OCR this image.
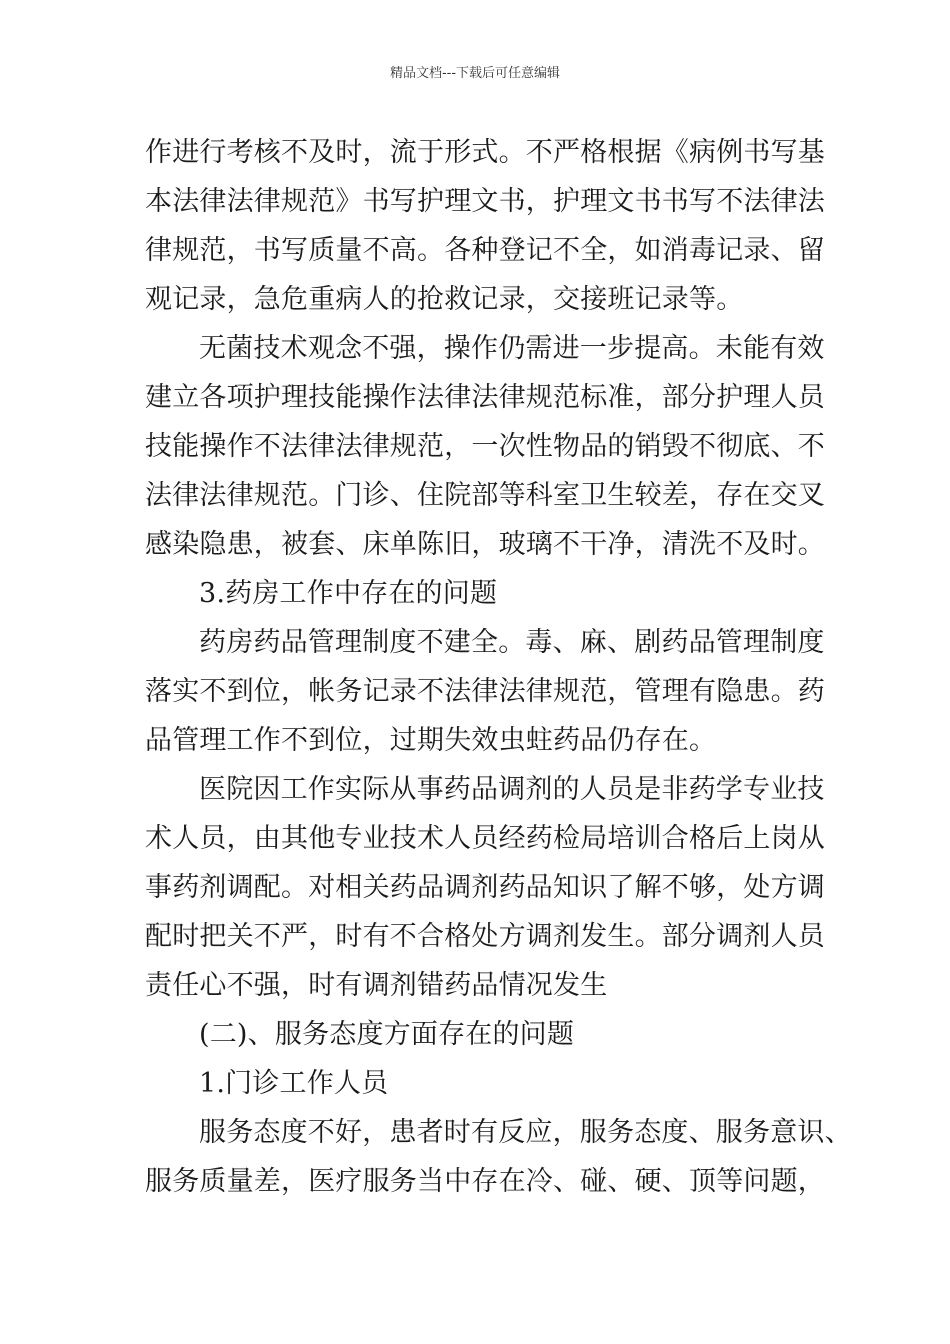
精品文档---下载后可任意编辑
作进行考核不及时，流于形式。不严格根据《病例书写基
本法律法律规范》书写护理文书，护理文书书写不法律法
律规范，书写质量不高。各种登记不全，如消毒记录、留
观记录，急危重病人的抢救记录，交接班记录等。
无菌技术观念不强，操作仍需进一步提高。未能有效
建立各项护理技能操作法律法律规范标准，部分护理人员
技能操作不法律法律规范，一次性物品的销毁不彻底、不
法律法律规范。门诊、住院部等科室卫生较差，存在交叉
感染隐患，被套、床单陈旧，玻璃不干净，清洗不及时。
3.药房工作中存在的问题
药房药品管理制度不建全。毒、麻、剧药品管理制度
落实不到位，帐务记录不法律法律规范，管理有隐患。药
品管理工作不到位，过期失效虫蛀药品仍存在。
医院因工作实际从事药品调剂的人员是非药学专业技
术人员，由其他专业技术人员经药检局培训合格后上岗从
事药剂调配。对相关药品调剂药品知识了解不够，处方调
配时把关不严，时有不合格处方调剂发生。部分调剂人员
责任心不强，时有调剂错药品情况发生
(二)、服务态度方面存在的问题
1.门诊工作人员
服务态度不好，患者时有反应，服务态度、服务意识、
服务质量差，医疗服务当中存在冷、碰、硬、顶等问题，
